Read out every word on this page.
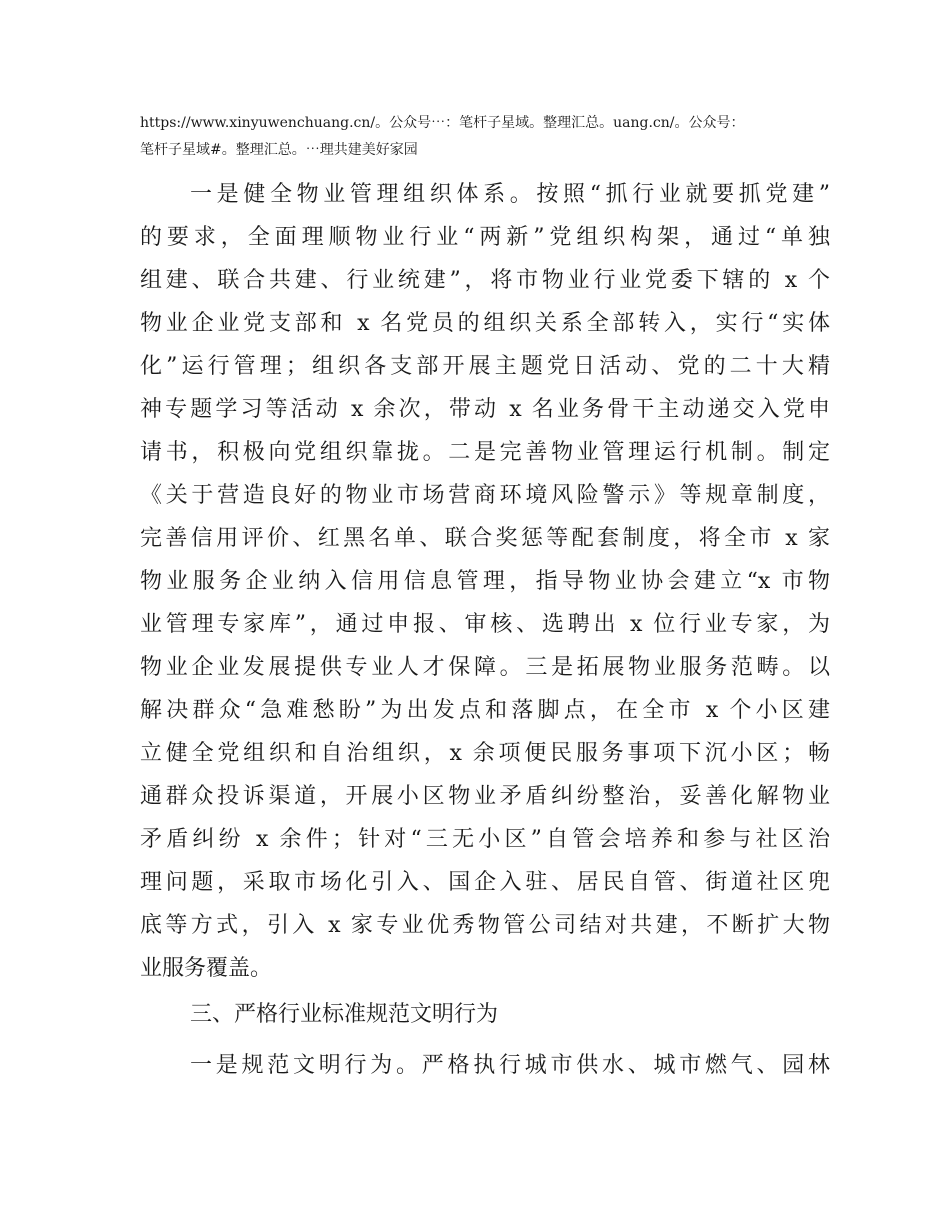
https://www.xinyuwenchuang.cn/。公众号⋯：笔杆子星域。整理汇总。uang.cn/。公众号：
笔杆子星域#。整理汇总。⋯理共建美好家园
一是健全物业管理组织体系。按照“抓行业就要抓党建”
的要求，全面理顺物业行业“两新”党组织构架，通过“单独
组建、联合共建、行业统建”，将市物业行业党委下辖的 x 个
物业企业党支部和 x 名党员的组织关系全部转入，实行“实体
化”运行管理；组织各支部开展主题党日活动、党的二十大精
神专题学习等活动 x 余次，带动 x 名业务骨干主动递交入党申
请书，积极向党组织靠拢。二是完善物业管理运行机制。制定
《关于营造良好的物业市场营商环境风险警示》等规章制度，
完善信用评价、红黑名单、联合奖惩等配套制度，将全市 x 家
物业服务企业纳入信用信息管理，指导物业协会建立“x 市物
业管理专家库”，通过申报、审核、选聘出 x 位行业专家，为
物业企业发展提供专业人才保障。三是拓展物业服务范畴。以
解决群众“急难愁盼”为出发点和落脚点，在全市 x 个小区建
立健全党组织和自治组织，x 余项便民服务事项下沉小区；畅
通群众投诉渠道，开展小区物业矛盾纠纷整治，妥善化解物业
矛盾纠纷 x 余件；针对“三无小区”自管会培养和参与社区治
理问题，采取市场化引入、国企入驻、居民自管、街道社区兜
底等方式，引入 x 家专业优秀物管公司结对共建，不断扩大物
业服务覆盖。
三、严格行业标准规范文明行为
一是规范文明行为。严格执行城市供水、城市燃气、园林
